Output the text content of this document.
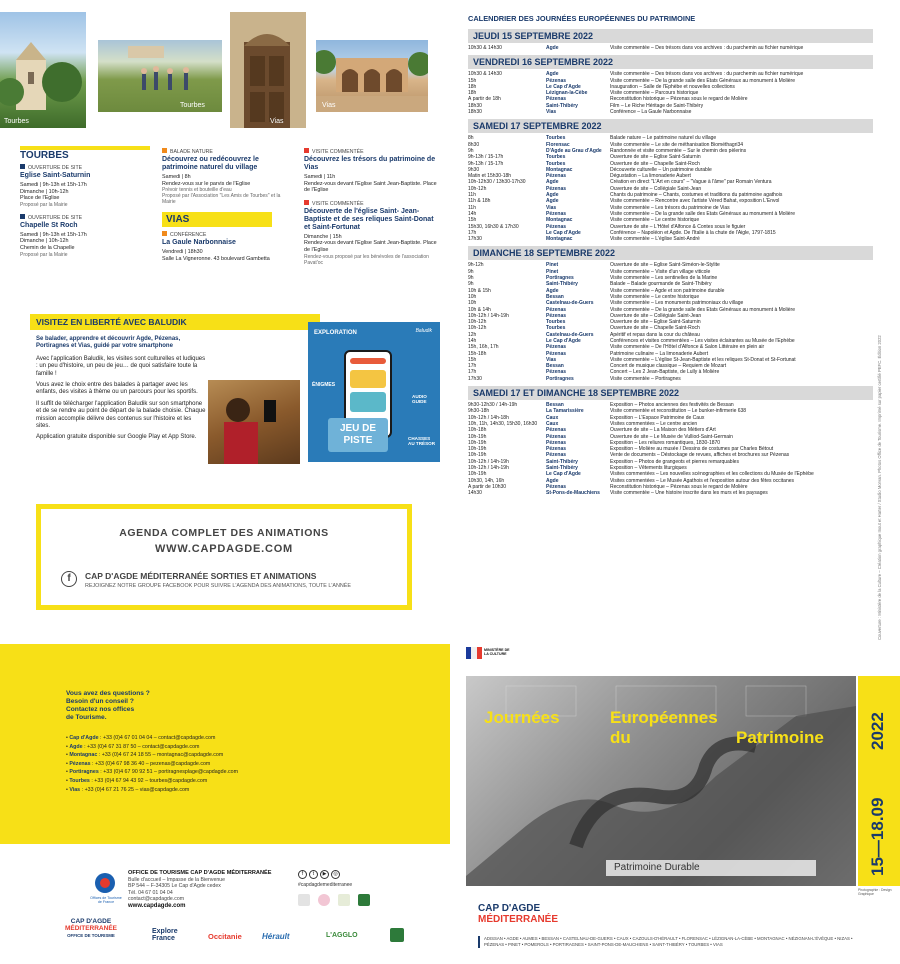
Tourbes
Tourbes
Vias
Vias
TOURBES
OUVERTURE DE SITE
Eglise Saint-Saturnin
Samedi | 9h-13h et 15h-17h
Dimanche | 10h-12h
Place de l'Eglise
Proposé par la Mairie
OUVERTURE DE SITE
Chapelle St Roch
Samedi | 9h-13h et 15h-17h
Dimanche | 10h-12h
Chemin de la Chapelle
Proposé par la Mairie
BALADE NATURE
Découvrez ou redécouvrez le patrimoine naturel du village
Samedi | 8h
Rendez-vous sur le parvis de l'Eglise
Prévoir tennis et bouteille d'eau
Proposé par l'Association "Les Amis de Tourbes" et la Mairie
VIAS
CONFÉRENCE
La Gaule Narbonnaise
Vendredi | 18h30
Salle La Vigneronne. 43 boulevard Gambetta
VISITE COMMENTÉE
Découvrez les trésors du patrimoine de Vias
Samedi | 11h
Rendez-vous devant l'Eglise Saint Jean-Baptiste. Place de l'Eglise
VISITE COMMENTÉE
Découverte de l'église Saint- Jean-Baptiste et de ses reliques Saint-Donat et Saint-Fortunat
Dimanche | 15h
Rendez-vous devant l'Eglise Saint Jean-Baptiste. Place de l'Eglise
Rendez-vous proposé par les bénévoles de l'association Pavat'oc
VISITEZ EN LIBERTÉ AVEC BALUDIK
Se balader, apprendre et découvrir Agde, Pézenas, Portiragnes et Vias, guidé par votre smartphone
Avec l'application Baludik, les visites sont culturelles et ludiques : un peu d'histoire, un peu de jeu… de quoi satisfaire toute la famille !
Vous avez le choix entre des balades à partager avec les enfants, des visites à thème ou un parcours pour les sportifs.
Il suffit de télécharger l'application Baludik sur son smartphone et de se rendre au point de départ de la balade choisie. Chaque mission accomplie délivre des contenus sur l'histoire et les sites.
Application gratuite disponible sur Google Play et App Store.
EXPLORATION	Baludik
ÉNIGMES
AUDIO GUIDE
JEU DE PISTE	CHASSES AU TRÉSOR
AGENDA COMPLET DES ANIMATIONS
WWW.CAPDAGDE.COM
f	CAP D'AGDE MÉDITERRANÉE SORTIES ET ANIMATIONS
REJOIGNEZ NOTRE GROUPE FACEBOOK POUR SUIVRE L'AGENDA DES ANIMATIONS, TOUTE L'ANNÉE
CALENDRIER DES JOURNÉES EUROPÉENNES DU PATRIMOINE
JEUDI 15 SEPTEMBRE 2022
10h30 & 14h30	Agde	Visite commentée – Des trésors dans vos archives : du parchemin au fichier numérique
VENDREDI 16 SEPTEMBRE 2022
10h30 & 14h30	Agde	Visite commentée – Des trésors dans vos archives : du parchemin au fichier numérique
15h	Pézenas	Visite commentée – De la grande salle des Etats Généraux au monument à Molière
18h	Le Cap d'Agde	Inauguration – Salle de l'Ephèbe et nouvelles collections
18h	Lézignan-la-Cèbe	Visite commentée – Parcours historique
À partir de 18h	Pézenas	Reconstitution historique – Pézenas sous le regard de Molière
18h30	Saint-Thibéry	Film – Le Riche Héritage de Saint-Thibéry
18h30	Vias	Conférence – La Gaule Narbonnaise
SAMEDI 17 SEPTEMBRE 2022
8h	Tourbes	Balade nature – Le patrimoine naturel du village
8h30	Florensac	Visite commentée – Le site de méthanisation Biométhagri34
9h	D'Agde au Grau d'Agde	Randonnée et visite commentée – Sur le chemin des pèlerins
9h-13h / 15-17h	Tourbes	Ouverture de site – Eglise Saint-Saturnin
9h-13h / 15-17h	Tourbes	Ouverture de site – Chapelle Saint-Roch
9h30	Montagnac	Découverte culturelle – Un patrimoine durable
Matin et 15h30-18h	Pézenas	Dégustation – La limonaderie Aubert
10h-12h30 / 13h30-17h30	Agde	Création en direct "L'Art en cours" – "Vague à l'âme" par Romain Ventura
10h-12h	Pézenas	Ouverture de site – Collégiale Saint-Jean
11h	Agde	Chants du patrimoine – Chants, costumes et traditions du patrimoine agathois
11h & 18h	Agde	Visite commentée – Rencontre avec l'artiste Véred Bahat, exposition L'Envol
11h	Vias	Visite commentée – Les trésors du patrimoine de Vias
14h	Pézenas	Visite commentée – De la grande salle des Etats Généraux au monument à Molière
15h	Montagnac	Visite commentée – Le centre historique
15h30, 16h30 & 17h30	Pézenas	Ouverture de site – L'Hôtel d'Alfonce & Contes sous le figuier
17h	Le Cap d'Agde	Conférence – Napoléon et Agde. De l'Italie à la chute de l'Aigle, 1797-1815
17h30	Montagnac	Visite commentée – L'église Saint-André
DIMANCHE 18 SEPTEMBRE 2022
9h-12h	Pinet	Ouverture de site – Eglise Saint-Siméon-le-Stylite
9h	Pinet	Visite commentée – Visite d'un village viticole
9h	Portiragnes	Visite commentée – Les sentinelles de la Marine
9h	Saint-Thibéry	Balade – Balade gourmande de Saint-Thibéry
10h & 15h	Agde	Visite commentée – Agde et son patrimoine durable
10h	Bessan	Visite commentée – Le centre historique
10h	Castelnau-de-Guers	Visite commentée – Les monuments patrimoniaux du village
10h & 14h	Pézenas	Visite commentée – De la grande salle des Etats Généraux au monument à Molière
10h-12h / 14h-19h	Pézenas	Ouverture de site – Collégiale Saint-Jean
10h-12h	Tourbes	Ouverture de site – Eglise Saint-Saturnin
10h-12h	Tourbes	Ouverture de site – Chapelle Saint-Roch
12h	Castelnau-de-Guers	Apéritif et repas dans la cour du château
14h	Le Cap d'Agde	Conférences et visites commentées – Les visites éclairantes au Musée de l'Ephèbe
15h, 16h, 17h	Pézenas	Visite commentée – De l'Hôtel d'Alfonce & Salon Littéraire en plein air
15h-18h	Pézenas	Patrimoine culinaire – La limonaderie Aubert
15h	Vias	Visite commentée – L'église St-Jean-Baptiste et les reliques St-Donat et St-Fortunat
17h	Bessan	Concert de musique classique – Requiem de Mozart
17h	Pézenas	Concert – Les 2 Jean-Baptiste, de Lully à Molière
17h30	Portiragnes	Visite commentée – Portiragnes
SAMEDI 17 ET DIMANCHE 18 SEPTEMBRE 2022
9h30-12h30 / 14h-19h	Bessan	Exposition – Photos anciennes des festivités de Bessan
9h30-18h	La Tamarissière	Visite commentée et reconstitution – Le bunker-infirmerie 638
10h-12h / 14h-18h	Caux	Exposition – L'Espace Patrimoine de Caux
10h, 11h, 14h30, 15h30, 16h30	Caux	Visites commentées – Le centre ancien
10h-18h	Pézenas	Ouverture de site – La Maison des Métiers d'Art
10h-19h	Pézenas	Ouverture de site – Le Musée de Vulliod-Saint-Germain
10h-19h	Pézenas	Exposition – Les reliures romantiques, 1830-1870
10h-19h	Pézenas	Exposition – Molière au musée / Dessins de costumes par Charles Bétout
10h-19h	Pézenas	Vente de documents – Déstockage de revues, affiches et brochures sur Pézenas
10h-12h / 14h-19h	Saint-Thibéry	Exposition – Photos de grangeots et pierres remarquables
10h-12h / 14h-19h	Saint-Thibéry	Exposition – Vêtements liturgiques
10h-19h	Le Cap d'Agde	Visites commentées – Les nouvelles scénographies et les collections du Musée de l'Ephèbe
10h30, 14h, 16h	Agde	Visites commentées – Le Musée Agathois et l'exposition autour des fêtes occitanes
A partir de 10h30	Pézenas	Reconstitution historique – Pézenas sous le regard de Molière
14h30	St-Pons-de-Mauchiens	Visite commentée – Une histoire inscrite dans les murs et les paysages	Couverture : Ministère de la Culture – Création graphique Inout et Harter / Studio Morvan. Photos Office de Tourisme. Imprimé sur papier certifié PEFC. Édition 2022
Vous avez des questions ?
Besoin d'un conseil ?
Contactez nos offices
de Tourisme.
• Cap d'Agde : +33 (0)4 67 01 04 04 – contact@capdagde.com
• Agde : +33 (0)4 67 31 87 50 – contact@capdagde.com
• Montagnac : +33 (0)4 67 24 18 55 – montagnac@capdagde.com
• Pézenas : +33 (0)4 67 98 36 40 – pezenas@capdagde.com
• Portiragnes : +33 (0)4 67 90 92 51 – portiragnesplage@capdagde.com
• Tourbes : +33 (0)4 67 94 43 92 – tourbes@capdagde.com
• Vias : +33 (0)4 67 21 76 25 – vias@capdagde.com
Offices de Tourisme de France
OFFICE DE TOURISME CAP D'AGDE MÉDITERRANÉE
Bulle d'accueil – Impasse de la Bienvenue
BP 544 – F-34305 Le Cap d'Agde cedex
Tél. 04 67 01 04 04
contact@capdagde.com
www.capdagde.com
f	t	▶	◎
#capdagdemediterranee
CAP D'AGDE
MÉDITERRANÉE
OFFICE DE TOURISME
Explore France	Occitanie	Hérault	L'AGGLO
MINISTÈRE DE LA CULTURE
Journées	Européennes
du	Patrimoine
Patrimoine Durable
2022
15—18.09
Photographie : Design Graphique
CAP D'AGDE
MÉDITERRANÉE
ADISSAN • AGDE • AUMES • BESSAN • CASTELNAU-DE-GUERS • CAUX • CAZOULS-D'HÉRAULT • FLORENSAC • LÉZIGNAN-LA-CÈBE • MONTAGNAC • NÉZIGNAN-L'ÉVÊQUE • NIZAS • PÉZENAS • PINET • POMEROLS • PORTIRAGNES • SAINT-PONS-DE-MAUCHIENS • SAINT-THIBÉRY • TOURBES • VIAS
